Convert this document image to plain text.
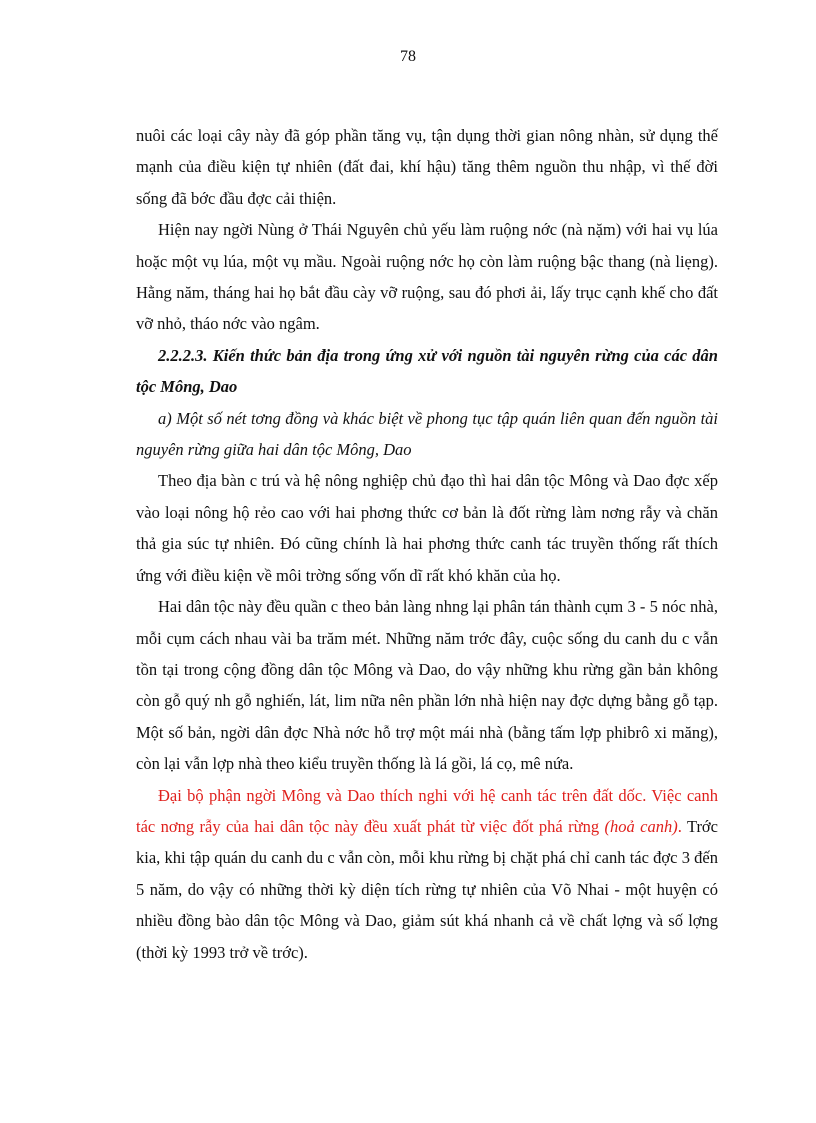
78

nuôi các loại cây này đã góp phần tăng vụ, tận dụng thời gian nông nhàn, sử dụng thế mạnh của điều kiện tự nhiên (đất đai, khí hậu) tăng thêm nguồn thu nhập, vì thế đời sống đã bớc đầu đợc cải thiện.

Hiện nay ngời Nùng ở Thái Nguyên chủ yếu làm ruộng nớc (nà nặm) với hai vụ lúa hoặc một vụ lúa, một vụ mầu. Ngoài ruộng nớc họ còn làm ruộng bậc thang (nà liẹng). Hằng năm, tháng hai họ bắt đầu cày vỡ ruộng, sau đó phơi ải, lấy trục cạnh khế cho đất vỡ nhỏ, tháo nớc vào ngâm.

2.2.2.3. Kiến thức bản địa trong ứng xử với nguồn tài nguyên rừng của các dân tộc Mông, Dao

a) Một số nét tơng đồng và khác biệt về phong tục tập quán liên quan đến nguồn tài nguyên rừng giữa hai dân tộc Mông, Dao

Theo địa bàn c trú và hệ nông nghiệp chủ đạo thì hai dân tộc Mông và Dao đợc xếp vào loại nông hộ rẻo cao với hai phơng thức cơ bản là đốt rừng làm nơng rẫy và chăn thả gia súc tự nhiên. Đó cũng chính là hai phơng thức canh tác truyền thống rất thích ứng với điều kiện về môi trờng sống vốn dĩ rất khó khăn của họ.

Hai dân tộc này đều quần c theo bản làng nhng lại phân tán thành cụm 3 - 5 nóc nhà, mỗi cụm cách nhau vài ba trăm mét. Những năm trớc đây, cuộc sống du canh du c vẫn tồn tại trong cộng đồng dân tộc Mông và Dao, do vậy những khu rừng gần bản không còn gỗ quý nh gỗ nghiến, lát, lim nữa nên phần lớn nhà hiện nay đợc dựng bằng gỗ tạp. Một số bản, ngời dân đợc Nhà nớc hỗ trợ một mái nhà (bằng tấm lợp phibrô xi măng), còn lại vẫn lợp nhà theo kiểu truyền thống là lá gồi, lá cọ, mê nứa.

Đại bộ phận ngời Mông và Dao thích nghi với hệ canh tác trên đất dốc. Việc canh tác nơng rẫy của hai dân tộc này đều xuất phát từ việc đốt phá rừng (hoả canh). Trớc kia, khi tập quán du canh du c vẫn còn, mỗi khu rừng bị chặt phá chỉ canh tác đợc 3 đến 5 năm, do vậy có những thời kỳ diện tích rừng tự nhiên của Võ Nhai - một huyện có nhiều đồng bào dân tộc Mông và Dao, giảm sút khá nhanh cả về chất lợng và số lợng (thời kỳ 1993 trở về trớc).
